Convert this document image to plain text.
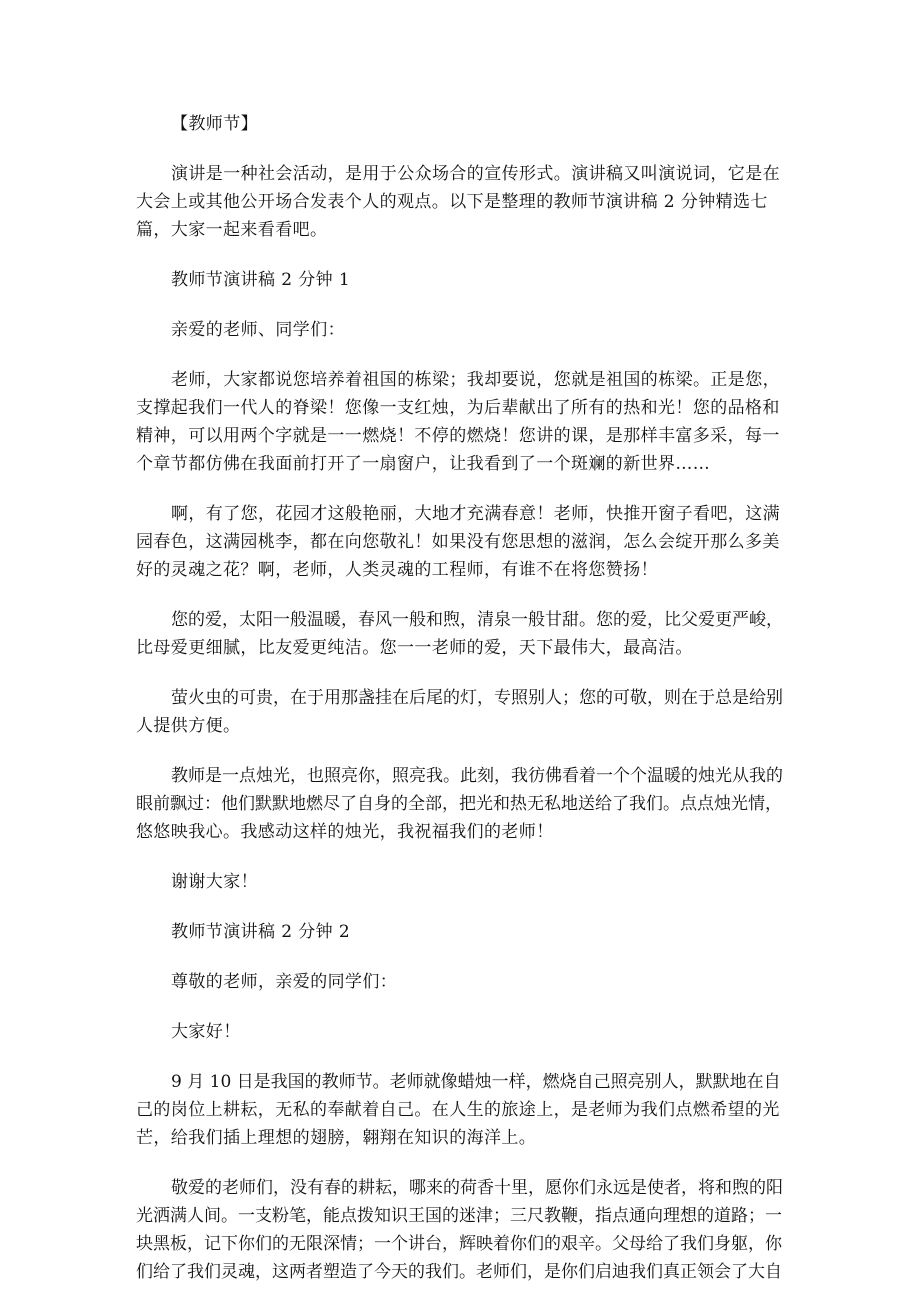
【教师节】
演讲是一种社会活动，是用于公众场合的宣传形式。演讲稿又叫演说词，它是在
大会上或其他公开场合发表个人的观点。以下是整理的教师节演讲稿 2 分钟精选七
篇，大家一起来看看吧。
教师节演讲稿 2 分钟 1
亲爱的老师、同学们：
老师，大家都说您培养着祖国的栋梁；我却要说，您就是祖国的栋梁。正是您，
支撑起我们一代人的脊梁！您像一支红烛，为后辈献出了所有的热和光！您的品格和
精神，可以用两个字就是一一燃烧！不停的燃烧！您讲的课，是那样丰富多采，每一
个章节都仿佛在我面前打开了一扇窗户，让我看到了一个斑斓的新世界……
啊，有了您，花园才这般艳丽，大地才充满春意！老师，快推开窗子看吧，这满
园春色，这满园桃李，都在向您敬礼！如果没有您思想的滋润，怎么会绽开那么多美
好的灵魂之花？啊，老师，人类灵魂的工程师，有谁不在将您赞扬！
您的爱，太阳一般温暖，春风一般和煦，清泉一般甘甜。您的爱，比父爱更严峻，
比母爱更细腻，比友爱更纯洁。您一一老师的爱，天下最伟大，最高洁。
萤火虫的可贵，在于用那盏挂在后尾的灯，专照别人；您的可敬，则在于总是给别
人提供方便。
教师是一点烛光，也照亮你，照亮我。此刻，我彷佛看着一个个温暖的烛光从我的
眼前飘过：他们默默地燃尽了自身的全部，把光和热无私地送给了我们。点点烛光情，
悠悠映我心。我感动这样的烛光，我祝福我们的老师！
谢谢大家！
教师节演讲稿 2 分钟 2
尊敬的老师，亲爱的同学们：
大家好！
9 月 10 日是我国的教师节。老师就像蜡烛一样，燃烧自己照亮别人，默默地在自
己的岗位上耕耘，无私的奉献着自己。在人生的旅途上，是老师为我们点燃希望的光
芒，给我们插上理想的翅膀，翱翔在知识的海洋上。
敬爱的老师们，没有春的耕耘，哪来的荷香十里，愿你们永远是使者，将和煦的阳
光洒满人间。一支粉笔，能点拨知识王国的迷津；三尺教鞭，指点通向理想的道路；一
块黑板，记下你们的无限深情；一个讲台，辉映着你们的艰辛。父母给了我们身躯，你
们给了我们灵魂，这两者塑造了今天的我们。老师们，是你们启迪我们真正领会了大自
